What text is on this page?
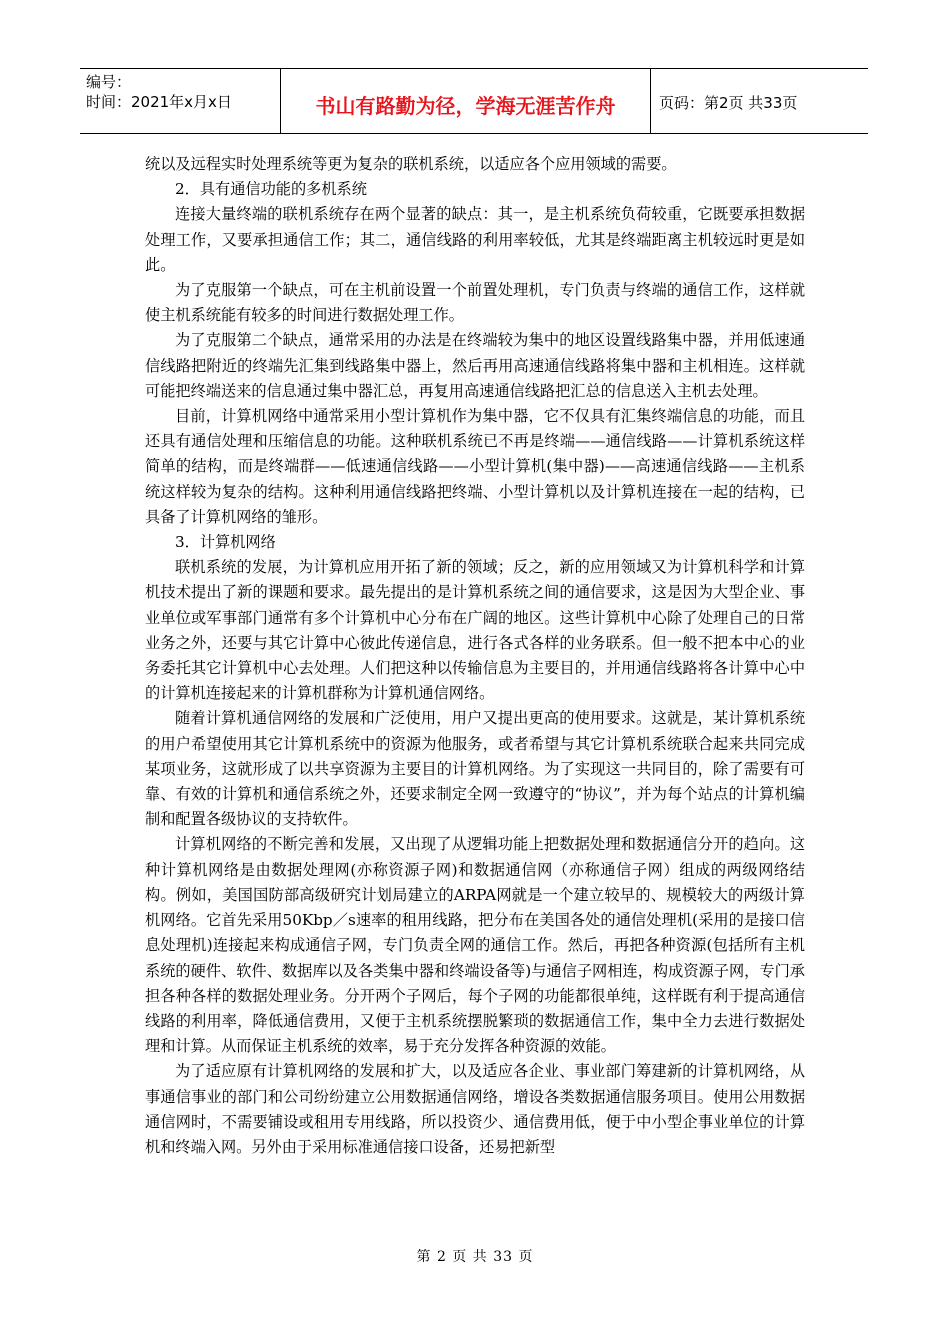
编号：
时间：2021年x月x日	书山有路勤为径，学海无涯苦作舟	页码：第2页 共33页

统以及远程实时处理系统等更为复杂的联机系统，以适应各个应用领域的需要。

2．具有通信功能的多机系统

连接大量终端的联机系统存在两个显著的缺点：其一，是主机系统负荷较重，它既要承担数据处理工作，又要承担通信工作；其二，通信线路的利用率较低，尤其是终端距离主机较远时更是如此。

为了克服第一个缺点，可在主机前设置一个前置处理机，专门负责与终端的通信工作，这样就使主机系统能有较多的时间进行数据处理工作。

为了克服第二个缺点，通常采用的办法是在终端较为集中的地区设置线路集中器，并用低速通信线路把附近的终端先汇集到线路集中器上，然后再用高速通信线路将集中器和主机相连。这样就可能把终端送来的信息通过集中器汇总，再复用高速通信线路把汇总的信息送入主机去处理。

目前，计算机网络中通常采用小型计算机作为集中器，它不仅具有汇集终端信息的功能，而且还具有通信处理和压缩信息的功能。这种联机系统已不再是终端——通信线路——计算机系统这样简单的结构，而是终端群——低速通信线路——小型计算机(集中器)——高速通信线路——主机系统这样较为复杂的结构。这种利用通信线路把终端、小型计算机以及计算机连接在一起的结构，已具备了计算机网络的雏形。

3．计算机网络

联机系统的发展，为计算机应用开拓了新的领域；反之，新的应用领域又为计算机科学和计算机技术提出了新的课题和要求。最先提出的是计算机系统之间的通信要求，这是因为大型企业、事业单位或军事部门通常有多个计算机中心分布在广阔的地区。这些计算机中心除了处理自己的日常业务之外，还要与其它计算中心彼此传递信息，进行各式各样的业务联系。但一般不把本中心的业务委托其它计算机中心去处理。人们把这种以传输信息为主要目的，并用通信线路将各计算中心中的计算机连接起来的计算机群称为计算机通信网络。

随着计算机通信网络的发展和广泛使用，用户又提出更高的使用要求。这就是，某计算机系统的用户希望使用其它计算机系统中的资源为他服务，或者希望与其它计算机系统联合起来共同完成某项业务，这就形成了以共享资源为主要目的计算机网络。为了实现这一共同目的，除了需要有可靠、有效的计算机和通信系统之外，还要求制定全网一致遵守的“协议”，并为每个站点的计算机编制和配置各级协议的支持软件。

计算机网络的不断完善和发展，又出现了从逻辑功能上把数据处理和数据通信分开的趋向。这种计算机网络是由数据处理网(亦称资源子网)和数据通信网（亦称通信子网）组成的两级网络结构。例如，美国国防部高级研究计划局建立的ARPA网就是一个建立较早的、规模较大的两级计算机网络。它首先采用50Kbp／s速率的租用线路，把分布在美国各处的通信处理机(采用的是接口信息处理机)连接起来构成通信子网，专门负责全网的通信工作。然后，再把各种资源(包括所有主机系统的硬件、软件、数据库以及各类集中器和终端设备等)与通信子网相连，构成资源子网，专门承担各种各样的数据处理业务。分开两个子网后，每个子网的功能都很单纯，这样既有利于提高通信线路的利用率，降低通信费用，又便于主机系统摆脱繁琐的数据通信工作，集中全力去进行数据处理和计算。从而保证主机系统的效率，易于充分发挥各种资源的效能。

为了适应原有计算机网络的发展和扩大，以及适应各企业、事业部门筹建新的计算机网络，从事通信事业的部门和公司纷纷建立公用数据通信网络，增设各类数据通信服务项目。使用公用数据通信网时，不需要铺设或租用专用线路，所以投资少、通信费用低，便于中小型企事业单位的计算机和终端入网。另外由于采用标准通信接口设备，还易把新型

第 2 页 共 33 页
